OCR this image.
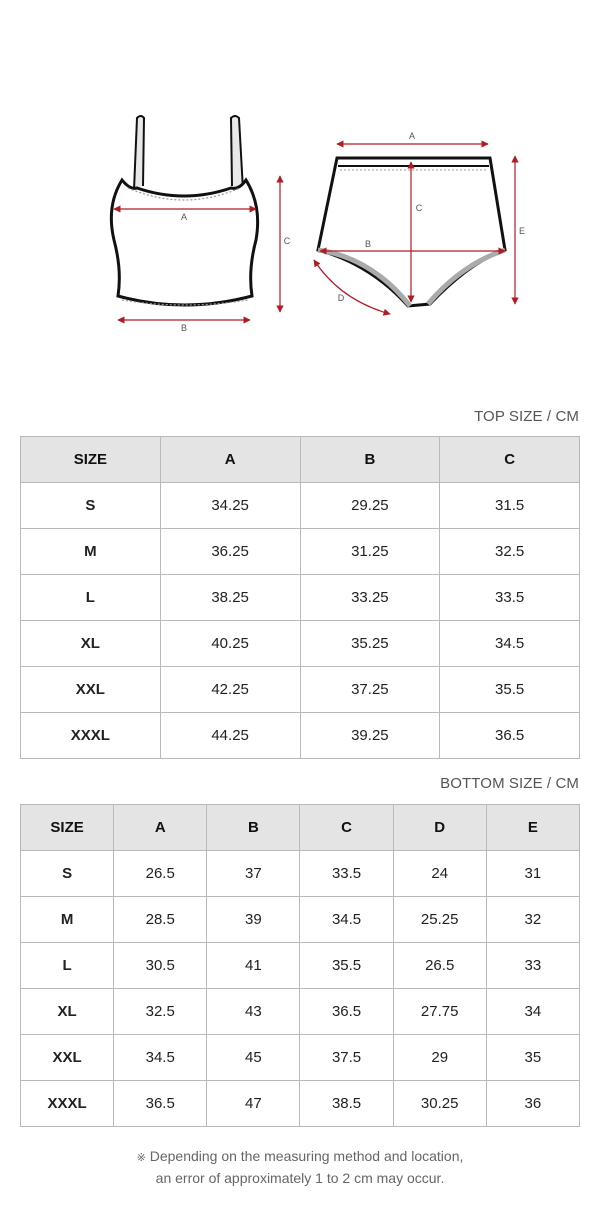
A
B
C
A
B
C
D
E
TOP SIZE / CM
SIZE	A	B	C
S	34.25	29.25	31.5
M	36.25	31.25	32.5
L	38.25	33.25	33.5
XL	40.25	35.25	34.5
XXL	42.25	37.25	35.5
XXXL	44.25	39.25	36.5
BOTTOM SIZE / CM
SIZE	A	B	C	D	E
S	26.5	37	33.5	24	31
M	28.5	39	34.5	25.25	32
L	30.5	41	35.5	26.5	33
XL	32.5	43	36.5	27.75	34
XXL	34.5	45	37.5	29	35
XXXL	36.5	47	38.5	30.25	36
※ Depending on the measuring method and location,
an error of approximately 1 to 2 cm may occur.
